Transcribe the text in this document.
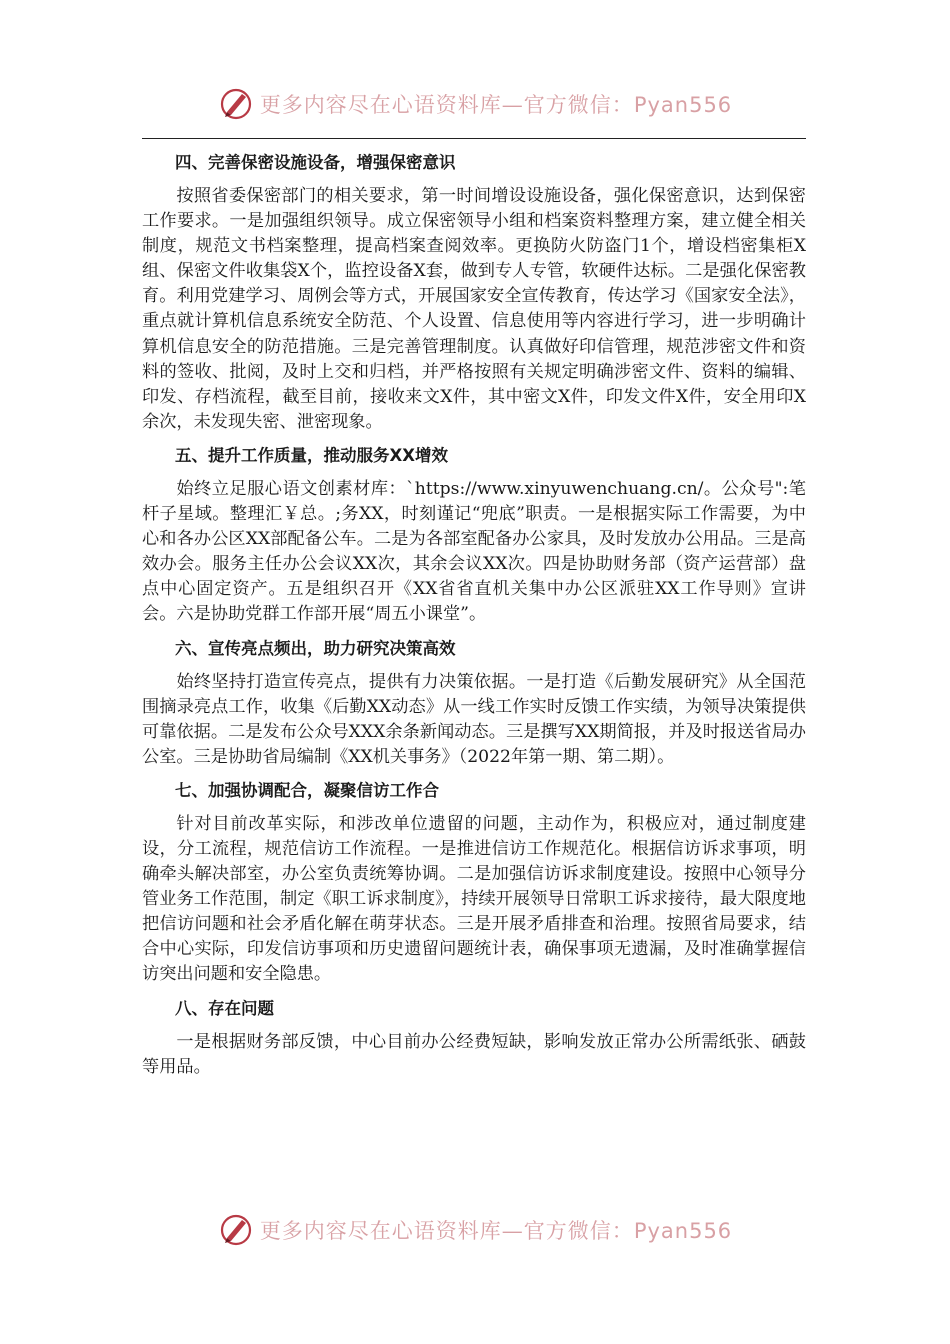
更多内容尽在心语资料库—官方微信：Pyan556
四、完善保密设施设备，增强保密意识
按照省委保密部门的相关要求，第一时间增设设施设备，强化保密意识，达到保密工作要求。一是加强组织领导。成立保密领导小组和档案资料整理方案，建立健全相关制度，规范文书档案整理，提高档案查阅效率。更换防火防盗门1个，增设档密集柜X组、保密文件收集袋X个，监控设备X套，做到专人专管，软硬件达标。二是强化保密教育。利用党建学习、周例会等方式，开展国家安全宣传教育，传达学习《国家安全法》，重点就计算机信息系统安全防范、个人设置、信息使用等内容进行学习，进一步明确计算机信息安全的防范措施。三是完善管理制度。认真做好印信管理，规范涉密文件和资料的签收、批阅，及时上交和归档，并严格按照有关规定明确涉密文件、资料的编辑、印发、存档流程，截至目前，接收来文X件，其中密文X件，印发文件X件，安全用印X余次，未发现失密、泄密现象。
五、提升工作质量，推动服务XX增效
始终立足服心语文创素材库：`https://www.xinyuwenchuang.cn/。公众号":笔杆子星域。整理汇￥总。;务XX，时刻谨记“兜底”职责。一是根据实际工作需要，为中心和各办公区XX部配备公车。二是为各部室配备办公家具，及时发放办公用品。三是高效办会。服务主任办公会议XX次，其余会议XX次。四是协助财务部（资产运营部）盘点中心固定资产。五是组织召开《XX省省直机关集中办公区派驻XX工作导则》宣讲会。六是协助党群工作部开展“周五小课堂”。
六、宣传亮点频出，助力研究决策高效
始终坚持打造宣传亮点，提供有力决策依据。一是打造《后勤发展研究》从全国范围摘录亮点工作，收集《后勤XX动态》从一线工作实时反馈工作实绩，为领导决策提供可靠依据。二是发布公众号XXX余条新闻动态。三是撰写XX期简报，并及时报送省局办公室。三是协助省局编制《XX机关事务》（2022年第一期、第二期）。
七、加强协调配合，凝聚信访工作合
针对目前改革实际，和涉改单位遗留的问题，主动作为，积极应对，通过制度建设，分工流程，规范信访工作流程。一是推进信访工作规范化。根据信访诉求事项，明确牵头解决部室，办公室负责统筹协调。二是加强信访诉求制度建设。按照中心领导分管业务工作范围，制定《职工诉求制度》，持续开展领导日常职工诉求接待，最大限度地把信访问题和社会矛盾化解在萌芽状态。三是开展矛盾排查和治理。按照省局要求，结合中心实际，印发信访事项和历史遗留问题统计表，确保事项无遗漏，及时准确掌握信访突出问题和安全隐患。
八、存在问题
一是根据财务部反馈，中心目前办公经费短缺，影响发放正常办公所需纸张、硒鼓等用品。
更多内容尽在心语资料库—官方微信：Pyan556
